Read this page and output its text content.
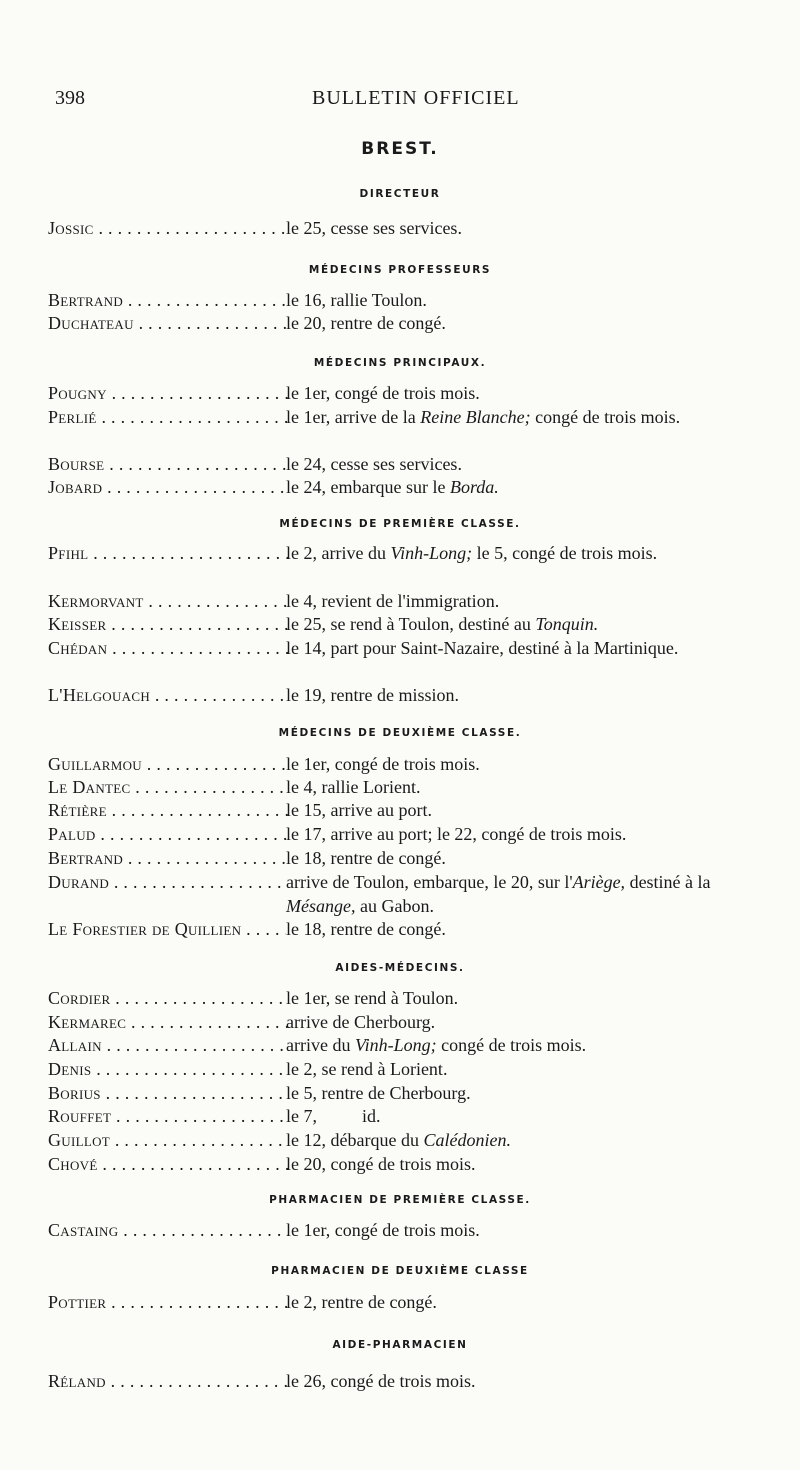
398	BULLETIN OFFICIEL
BREST.
DIRECTEUR
Jossic . . .	le 25, cesse ses services.
MÉDECINS PROFESSEURS
Bertrand . . .	le 16, rallie Toulon.
Duchateau . . .	le 20, rentre de congé.
MÉDECINS PRINCIPAUX.
Pougny . . .	le 1er, congé de trois mois.
Perlié . . .	le 1er, arrive de la Reine Blanche; congé de trois mois.
Bourse . . .	le 24, cesse ses services.
Jobard . . .	le 24, embarque sur le Borda.
MÉDECINS DE PREMIÈRE CLASSE.
Pfihl . . .	le 2, arrive du Vinh-Long; le 5, congé de trois mois.
Kermorvant . . .	le 4, revient de l'immigration.
Keisser . . .	le 25, se rend à Toulon, destiné au Tonquin.
Chédan . . .	le 14, part pour Saint-Nazaire, destiné à la Martinique.
L'Helgouach . . .	le 19, rentre de mission.
MÉDECINS DE DEUXIÈME CLASSE.
Guillarmou . . .	le 1er, congé de trois mois.
Le Dantec . . .	le 4, rallie Lorient.
Rétière . . .	le 15, arrive au port.
Palud . . .	le 17, arrive au port; le 22, congé de trois mois.
Bertrand . . .	le 18, rentre de congé.
Durand . . .	arrive de Toulon, embarque, le 20, sur l'Ariège, destiné à la Mésange, au Gabon.
Le Forestier de Quillien . . .	le 18, rentre de congé.
AIDES-MÉDECINS.
Cordier . . .	le 1er, se rend à Toulon.
Kermarec . . .	arrive de Cherbourg.
Allain . . .	arrive du Vinh-Long; congé de trois mois.
Denis . . .	le 2, se rend à Lorient.
Borius . . .	le 5, rentre de Cherbourg.
Rouffet . . .	le 7,          id.
Guillot . . .	le 12, débarque du Calédonien.
Chové . . .	le 20, congé de trois mois.
PHARMACIEN DE PREMIÈRE CLASSE.
Castaing . . .	le 1er, congé de trois mois.
PHARMACIEN DE DEUXIÈME CLASSE
Pottier . . .	le 2, rentre de congé.
AIDE-PHARMACIEN
Réland . . .	le 26, congé de trois mois.
